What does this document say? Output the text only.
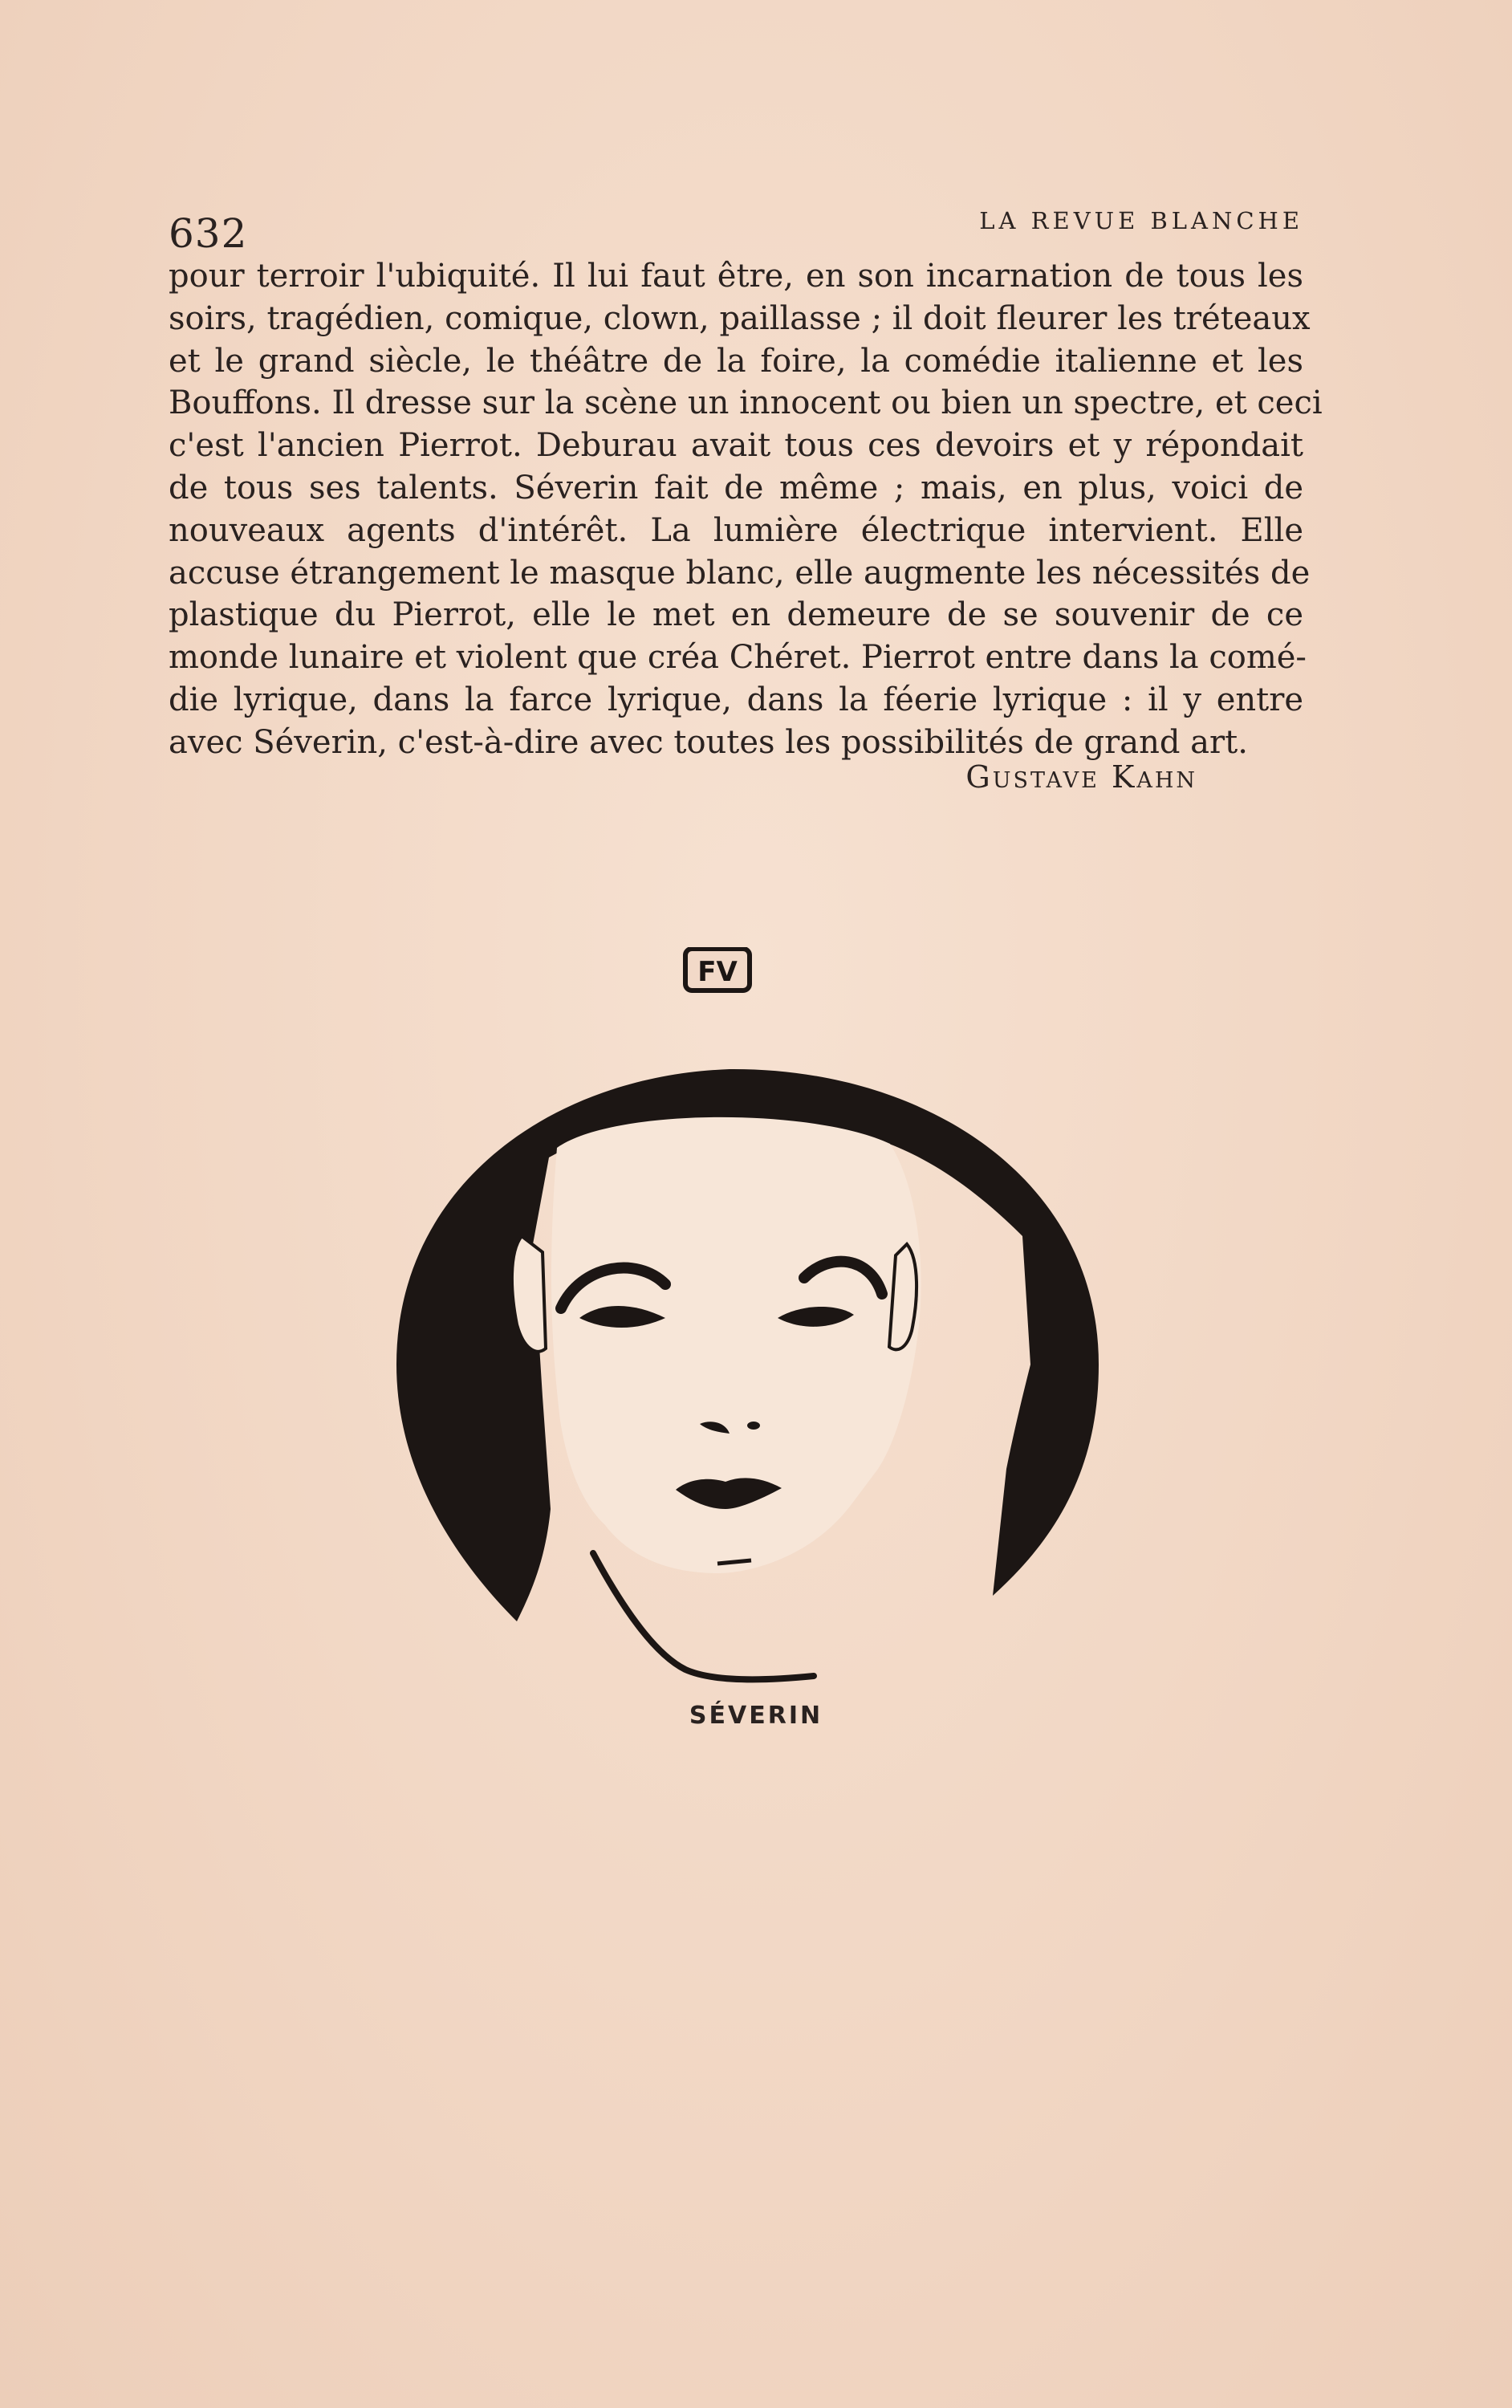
632	LA REVUE BLANCHE
pour terroir l'ubiquité. Il lui faut être, en son incarnation de tous les
soirs, tragédien, comique, clown, paillasse ; il doit fleurer les tréteaux
et le grand siècle, le théâtre de la foire, la comédie italienne et les
Bouffons. Il dresse sur la scène un innocent ou bien un spectre, et ceci
c'est l'ancien Pierrot. Deburau avait tous ces devoirs et y répondait
de tous ses talents. Séverin fait de même ; mais, en plus, voici de
nouveaux agents d'intérêt. La lumière électrique intervient. Elle
accuse étrangement le masque blanc, elle augmente les nécessités de
plastique du Pierrot, elle le met en demeure de se souvenir de ce
monde lunaire et violent que créa Chéret. Pierrot entre dans la comé-
die lyrique, dans la farce lyrique, dans la féerie lyrique : il y entre
avec Séverin, c'est-à-dire avec toutes les possibilités de grand art.
Gustave Kahn
FV
SÉVERIN
